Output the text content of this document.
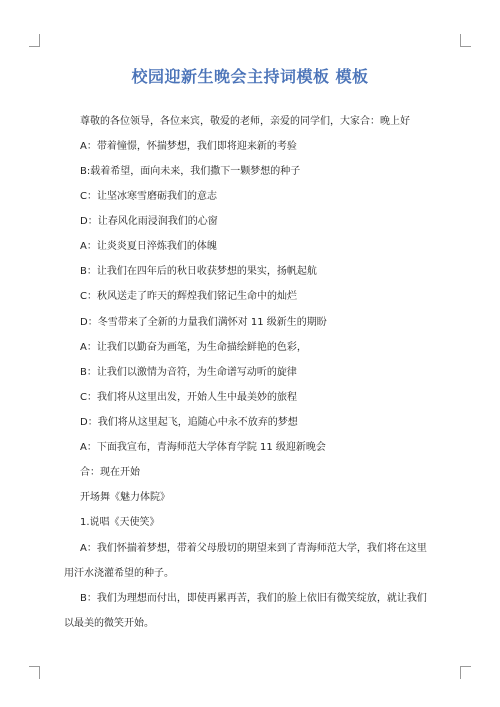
校园迎新生晚会主持词模板 模板
尊敬的各位领导，各位来宾，敬爱的老师，亲爱的同学们，大家合：晚上好
A：带着憧憬，怀揣梦想，我们即将迎来新的考验
B:载着希望，面向未来，我们撒下一颗梦想的种子
C：让坚冰寒雪磨砺我们的意志
D：让春风化雨浸润我们的心窗
A：让炎炎夏日淬炼我们的体魄
B：让我们在四年后的秋日收获梦想的果实，扬帆起航
C：秋风送走了昨天的辉煌我们铭记生命中的灿烂
D：冬雪带来了全新的力量我们满怀对 11 级新生的期盼
A：让我们以勤奋为画笔，为生命描绘鲜艳的色彩，
B：让我们以激情为音符，为生命谱写动听的旋律
C：我们将从这里出发，开始人生中最美妙的旅程
D：我们将从这里起飞，追随心中永不放弃的梦想
A：下面我宣布，青海师范大学体育学院 11 级迎新晚会
合：现在开始
开场舞《魅力体院》
1.说唱《天使笑》
A：我们怀揣着梦想，带着父母殷切的期望来到了青海师范大学，我们将在这里用汗水浇灌希望的种子。
B：我们为理想而付出，即使再累再苦，我们的脸上依旧有微笑绽放，就让我们以最美的微笑开始。
